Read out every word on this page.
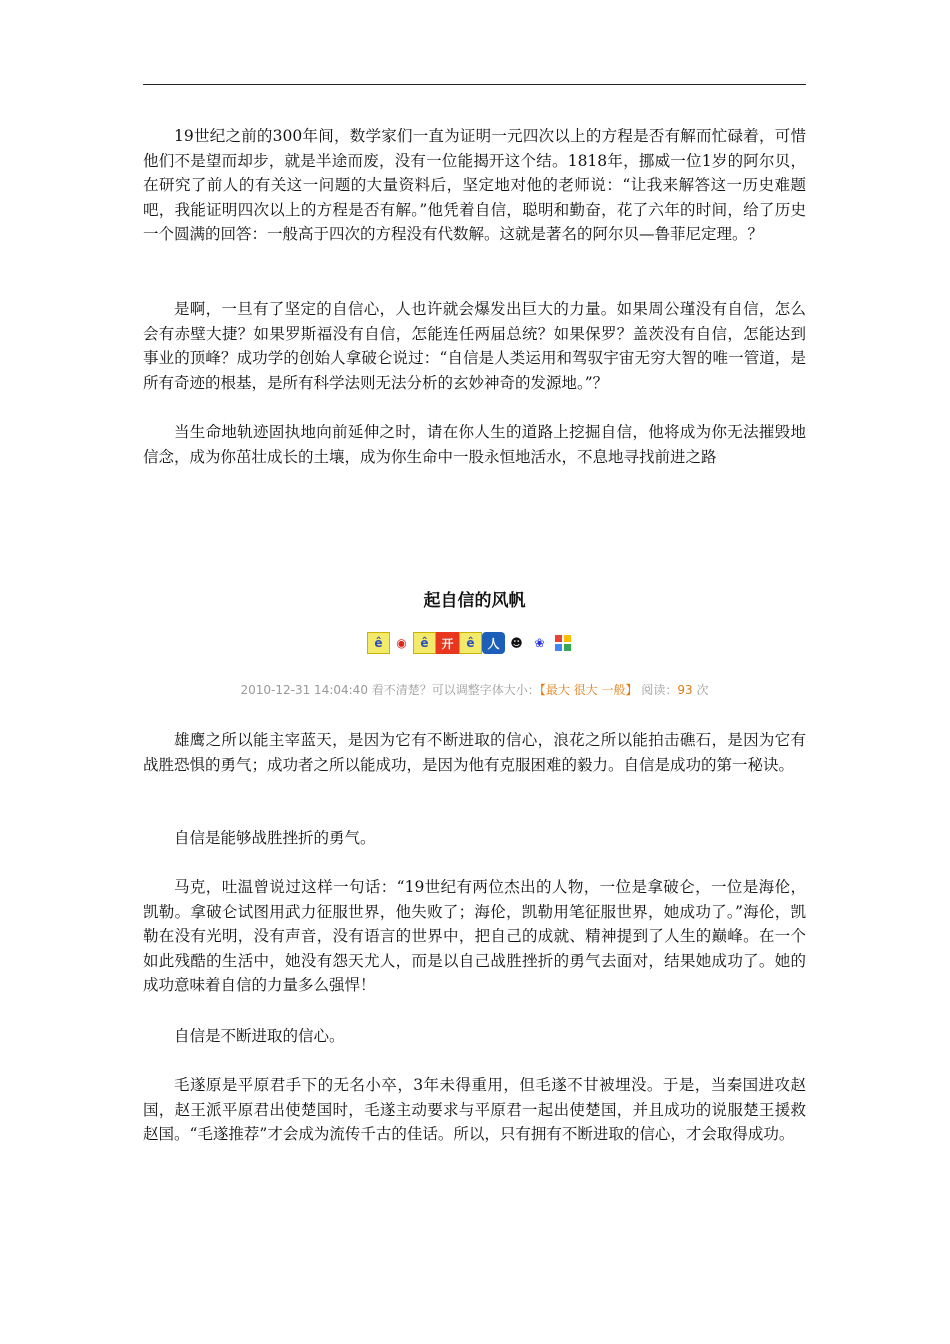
19世纪之前的300年间，数学家们一直为证明一元四次以上的方程是否有解而忙碌着，可惜他们不是望而却步，就是半途而废，没有一位能揭开这个结。1818年，挪威一位1岁的阿尔贝，在研究了前人的有关这一问题的大量资料后，坚定地对他的老师说：“让我来解答这一历史难题吧，我能证明四次以上的方程是否有解。”他凭着自信，聪明和勤奋，花了六年的时间，给了历史一个圆满的回答：一般高于四次的方程没有代数解。这就是著名的阿尔贝—鲁菲尼定理。？

是啊，一旦有了坚定的自信心，人也许就会爆发出巨大的力量。如果周公瑾没有自信，怎么会有赤壁大捷？如果罗斯福没有自信，怎能连任两届总统？如果保罗？盖茨没有自信，怎能达到事业的顶峰？成功学的创始人拿破仑说过：“自信是人类运用和驾驭宇宙无穷大智的唯一管道，是所有奇迹的根基，是所有科学法则无法分析的玄妙神奇的发源地。”？

当生命地轨迹固执地向前延伸之时，请在你人生的道路上挖掘自信，他将成为你无法摧毁地信念，成为你茁壮成长的土壤，成为你生命中一股永恒地活水，不息地寻找前进之路

起自信的风帆
ê	◉	ê	开	ê	人 ☻ ❀
2010-12-31 14:04:40 看不清楚？可以调整字体大小：【最大 很大 一般】 阅读：93 次

雄鹰之所以能主宰蓝天，是因为它有不断进取的信心，浪花之所以能拍击礁石，是因为它有战胜恐惧的勇气；成功者之所以能成功，是因为他有克服困难的毅力。自信是成功的第一秘诀。

自信是能够战胜挫折的勇气。

马克，吐温曾说过这样一句话：“19世纪有两位杰出的人物，一位是拿破仑，一位是海伦，凯勒。拿破仑试图用武力征服世界，他失败了；海伦，凯勒用笔征服世界，她成功了。”海伦，凯勒在没有光明，没有声音，没有语言的世界中，把自己的成就、精神提到了人生的巅峰。在一个如此残酷的生活中，她没有怨天尤人，而是以自己战胜挫折的勇气去面对，结果她成功了。她的成功意味着自信的力量多么强悍！

自信是不断进取的信心。

毛遂原是平原君手下的无名小卒，3年未得重用，但毛遂不甘被埋没。于是，当秦国进攻赵国，赵王派平原君出使楚国时，毛遂主动要求与平原君一起出使楚国，并且成功的说服楚王援救赵国。“毛遂推荐”才会成为流传千古的佳话。所以，只有拥有不断进取的信心，才会取得成功。
